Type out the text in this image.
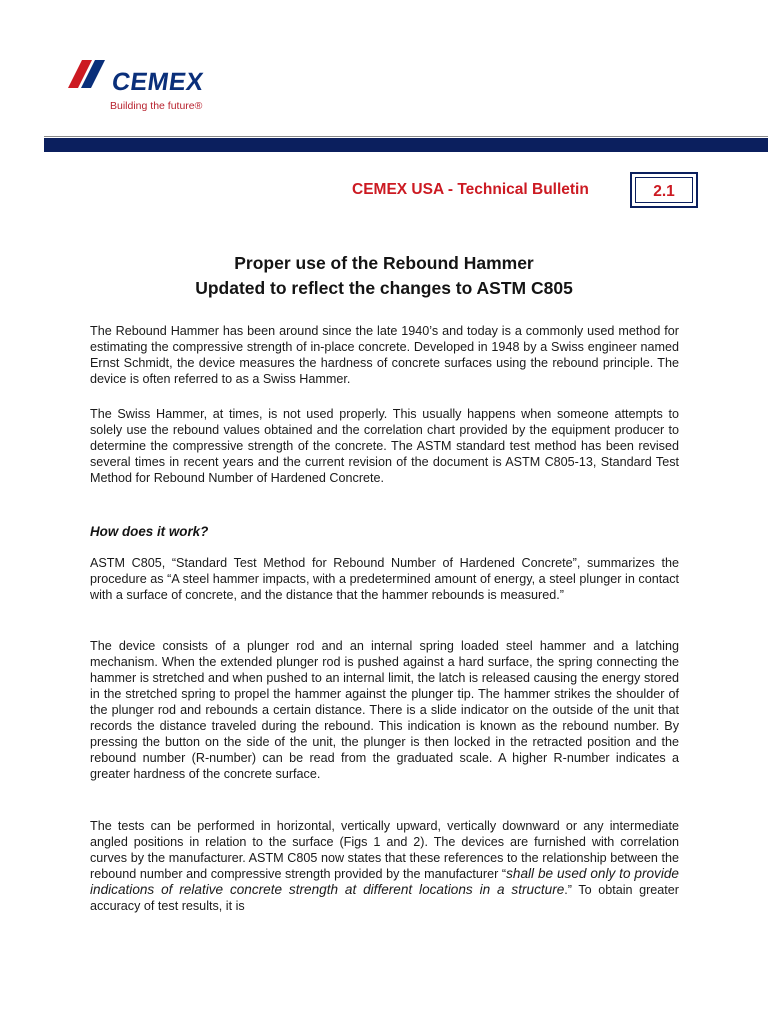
CEMEX
Building the future®
CEMEX USA - Technical Bulletin	2.1
Proper use of the Rebound Hammer
Updated to reflect the changes to ASTM C805

The Rebound Hammer has been around since the late 1940’s and today is a commonly used method for estimating the compressive strength of in-place concrete. Developed in 1948 by a Swiss engineer named Ernst Schmidt, the device measures the hardness of concrete surfaces using the rebound principle. The device is often referred to as a Swiss Hammer.

The Swiss Hammer, at times, is not used properly. This usually happens when someone attempts to solely use the rebound values obtained and the correlation chart provided by the equipment producer to determine the compressive strength of the concrete. The ASTM standard test method has been revised several times in recent years and the current revision of the document is ASTM C805-13, Standard Test Method for Rebound Number of Hardened Concrete.

How does it work?

ASTM C805, “Standard Test Method for Rebound Number of Hardened Concrete”, summarizes the procedure as “A steel hammer impacts, with a predetermined amount of energy, a steel plunger in contact with a surface of concrete, and the distance that the hammer rebounds is measured.”

The device consists of a plunger rod and an internal spring loaded steel hammer and a latching mechanism. When the extended plunger rod is pushed against a hard surface, the spring connecting the hammer is stretched and when pushed to an internal limit, the latch is released causing the energy stored in the stretched spring to propel the hammer against the plunger tip. The hammer strikes the shoulder of the plunger rod and rebounds a certain distance. There is a slide indicator on the outside of the unit that records the distance traveled during the rebound. This indication is known as the rebound number. By pressing the button on the side of the unit, the plunger is then locked in the retracted position and the rebound number (R-number) can be read from the graduated scale. A higher R-number indicates a greater hardness of the concrete surface.

The tests can be performed in horizontal, vertically upward, vertically downward or any intermediate angled positions in relation to the surface (Figs 1 and 2). The devices are furnished with correlation curves by the manufacturer. ASTM C805 now states that these references to the relationship between the rebound number and compressive strength provided by the manufacturer “shall be used only to provide indications of relative concrete strength at different locations in a structure.” To obtain greater accuracy of test results, it is
